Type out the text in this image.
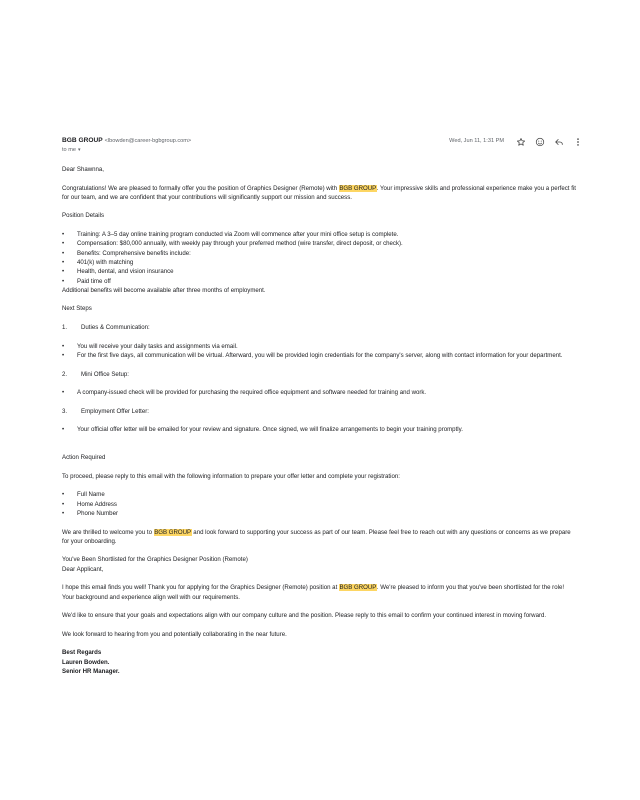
BGB GROUP <lbowden@career-bgbgroup.com>
to me ▾
Wed, Jun 11, 1:31 PM

Dear Shawnna,

Congratulations! We are pleased to formally offer you the position of Graphics Designer (Remote) with BGB GROUP. Your impressive skills and professional experience make you a perfect fit

for our team, and we are confident that your contributions will significantly support our mission and success.

Position Details

• Training: A 3–5 day online training program conducted via Zoom will commence after your mini office setup is complete.
• Compensation: $80,000 annually, with weekly pay through your preferred method (wire transfer, direct deposit, or check).
• Benefits: Comprehensive benefits include:
• 401(k) with matching
• Health, dental, and vision insurance
• Paid time off

Additional benefits will become available after three months of employment.

Next Steps

1.	Duties & Communication:
• You will receive your daily tasks and assignments via email.
• For the first five days, all communication will be virtual. Afterward, you will be provided login credentials for the company's server, along with contact information for your department.
2.	Mini Office Setup:
• A company-issued check will be provided for purchasing the required office equipment and software needed for training and work.
3.	Employment Offer Letter:
• Your official offer letter will be emailed for your review and signature. Once signed, we will finalize arrangements to begin your training promptly.

Action Required

To proceed, please reply to this email with the following information to prepare your offer letter and complete your registration:

• Full Name
• Home Address
• Phone Number

We are thrilled to welcome you to BGB GROUP and look forward to supporting your success as part of our team. Please feel free to reach out with any questions or concerns as we prepare

for your onboarding.

You've Been Shortlisted for the Graphics Designer Position (Remote)

Dear Applicant,

I hope this email finds you well! Thank you for applying for the Graphics Designer (Remote) position at BGB GROUP. We're pleased to inform you that you've been shortlisted for the role!

Your background and experience align well with our requirements.

We'd like to ensure that your goals and expectations align with our company culture and the position. Please reply to this email to confirm your continued interest in moving forward.

We look forward to hearing from you and potentially collaborating in the near future.

Best Regards

Lauren Bowden.

Senior HR Manager.
